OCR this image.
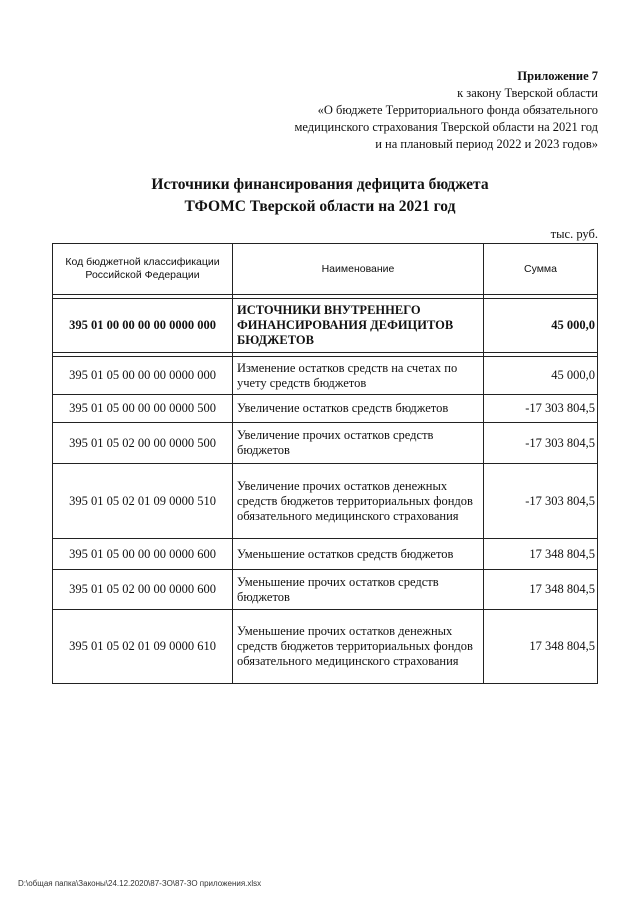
Приложение 7
к закону Тверской области
«О бюджете Территориального фонда обязательного
медицинского страхования Тверской области на 2021 год
и на плановый период 2022 и 2023 годов»
Источники финансирования дефицита бюджета
ТФОМС Тверской области на 2021 год
тыс. руб.
Код бюджетной классификации Российской Федерации	Наименование	Сумма

395 01 00 00 00 00 0000 000	ИСТОЧНИКИ ВНУТРЕННЕГО ФИНАНСИРОВАНИЯ ДЕФИЦИТОВ БЮДЖЕТОВ	45 000,0

395 01 05 00 00 00 0000 000	Изменение остатков средств на счетах по учету средств бюджетов	45 000,0
395 01 05 00 00 00 0000 500	Увеличение остатков средств бюджетов	-17 303 804,5
395 01 05 02 00 00 0000 500	Увеличение прочих остатков средств бюджетов	-17 303 804,5
395 01 05 02 01 09 0000 510	Увеличение прочих остатков денежных средств бюджетов территориальных фондов обязательного медицинского страхования	-17 303 804,5
395 01 05 00 00 00 0000 600	Уменьшение остатков средств бюджетов	17 348 804,5
395 01 05 02 00 00 0000 600	Уменьшение прочих остатков средств бюджетов	17 348 804,5
395 01 05 02 01 09 0000 610	Уменьшение прочих остатков денежных средств бюджетов территориальных фондов обязательного медицинского страхования	17 348 804,5
D:\общая папка\Законы\24.12.2020\87-ЗО\87-ЗО приложения.xlsx
